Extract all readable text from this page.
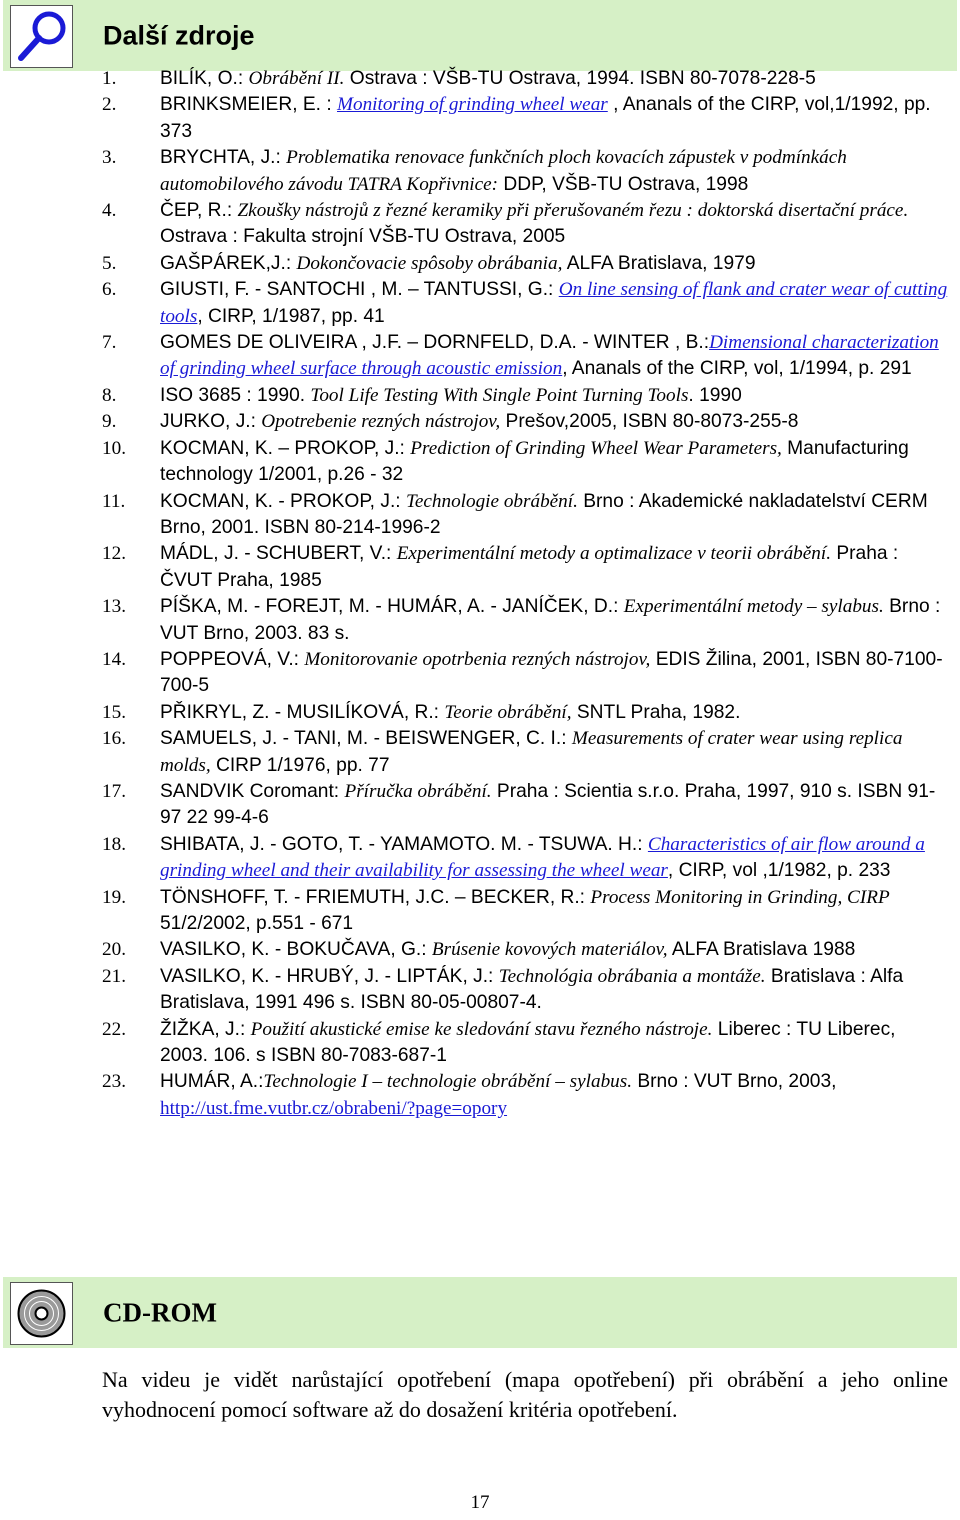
Další zdroje
1. BILÍK, O.: Obrábění II. Ostrava : VŠB-TU Ostrava, 1994. ISBN 80-7078-228-5
2. BRINKSMEIER, E. : Monitoring of grinding wheel wear , Ananals of the CIRP, vol,1/1992, pp. 373
3. BRYCHTA, J.: Problematika renovace funkčních ploch kovacích zápustek v podmínkách automobilového závodu TATRA Kopřivnice: DDP, VŠB-TU Ostrava, 1998
4. ČEP, R.: Zkoušky nástrojů z řezné keramiky při přerušovaném řezu : doktorská disertační práce. Ostrava : Fakulta strojní VŠB-TU Ostrava, 2005
5. GAŠPÁREK,J.: Dokončovacie spôsoby obrábania, ALFA Bratislava, 1979
6. GIUSTI, F. - SANTOCHI , M. – TANTUSSI, G.: On line sensing of flank and crater wear of cutting tools, CIRP, 1/1987, pp. 41
7. GOMES DE OLIVEIRA , J.F. – DORNFELD, D.A. - WINTER , B.:Dimensional characterization of grinding wheel surface through acoustic emission, Ananals of the CIRP, vol, 1/1994, p. 291
8. ISO 3685 : 1990. Tool Life Testing With Single Point Turning Tools. 1990
9. JURKO, J.: Opotrebenie rezných nástrojov, Prešov,2005, ISBN 80-8073-255-8
10. KOCMAN, K. – PROKOP, J.: Prediction of Grinding Wheel Wear Parameters, Manufacturing technology 1/2001, p.26 - 32
11. KOCMAN, K. - PROKOP, J.: Technologie obrábění. Brno : Akademické nakladatelství CERM Brno, 2001. ISBN 80-214-1996-2
12. MÁDL, J. - SCHUBERT, V.: Experimentální metody a optimalizace v teorii obrábění. Praha : ČVUT Praha, 1985
13. PÍŠKA, M. - FOREJT, M. - HUMÁR, A. - JANÍČEK, D.: Experimentální metody – sylabus. Brno : VUT Brno, 2003. 83 s.
14. POPPEOVÁ, V.: Monitorovanie opotrbenia rezných nástrojov, EDIS Žilina, 2001, ISBN 80-7100-700-5
15. PŘIKRYL, Z. - MUSILÍKOVÁ, R.: Teorie obrábění, SNTL Praha, 1982.
16. SAMUELS, J. - TANI, M. - BEISWENGER, C. I.: Measurements of crater wear using replica molds, CIRP 1/1976, pp. 77
17. SANDVIK Coromant: Příručka obrábění. Praha : Scientia s.r.o. Praha, 1997, 910 s. ISBN 91-97 22 99-4-6
18. SHIBATA, J. - GOTO, T. - YAMAMOTO. M. - TSUWA. H.: Characteristics of air flow around a grinding wheel and their availability for assessing the wheel wear, CIRP, vol ,1/1982, p. 233
19. TÖNSHOFF, T. - FRIEMUTH, J.C. – BECKER, R.: Process Monitoring in Grinding, CIRP 51/2/2002, p.551 - 671
20. VASILKO, K. - BOKUČAVA, G.: Brúsenie kovových materiálov, ALFA Bratislava 1988
21. VASILKO, K. - HRUBÝ, J. - LIPTÁK, J.: Technológia obrábania a montáže. Bratislava : Alfa Bratislava, 1991 496 s. ISBN 80-05-00807-4.
22. ŽIŽKA, J.: Použití akustické emise ke sledování stavu řezného nástroje. Liberec : TU Liberec, 2003. 106. s ISBN 80-7083-687-1
23. HUMÁR, A.:Technologie I – technologie obrábění – sylabus. Brno : VUT Brno, 2003, http://ust.fme.vutbr.cz/obrabeni/?page=opory
CD-ROM
Na videu je vidět narůstající opotřebení (mapa opotřebení) při obrábění a jeho online vyhodnocení pomocí software až do dosažení kritéria opotřebení.
17
